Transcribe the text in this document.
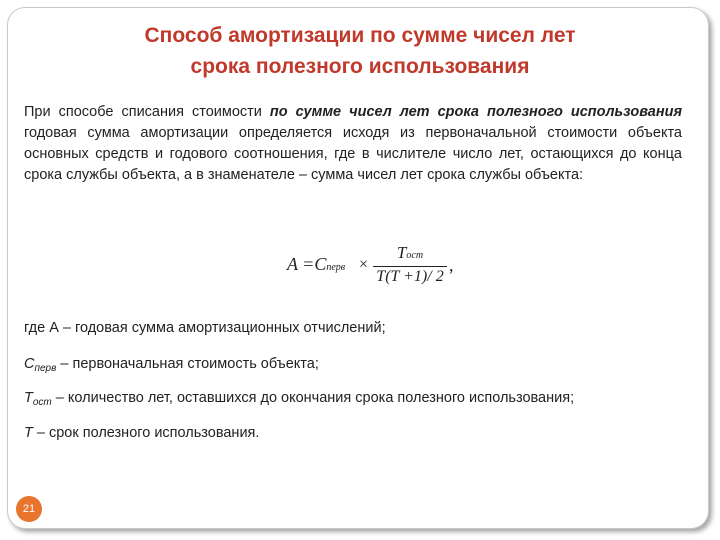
Способ амортизации по сумме чисел лет
срока полезного использования
При способе списания стоимости по сумме чисел лет срока полезного использования годовая сумма амортизации определяется исходя из первоначальной стоимости объекта основных средств и годового соотношения, где в числителе число лет, остающихся до конца срока службы объекта, а в знаменателе – сумма чисел лет срока службы объекта:
A =Cперв ×
Tост
T(T +1)/ 2
,
где А – годовая сумма амортизационных отчислений;
$C_{перв}$ – первоначальная стоимость объекта;
$T_{ост}$ – количество лет, оставшихся до окончания срока полезного использования;
T – срок полезного использования.
21
